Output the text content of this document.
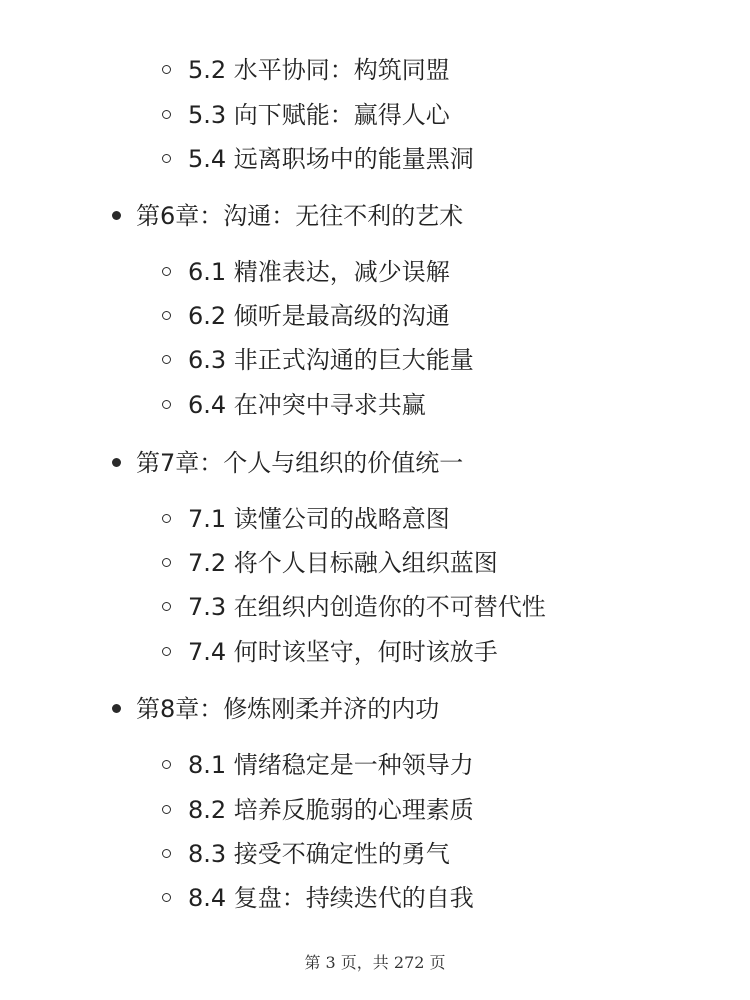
5.2 水平协同：构筑同盟
5.3 向下赋能：赢得人心
5.4 远离职场中的能量黑洞
第6章：沟通：无往不利的艺术
6.1 精准表达，减少误解
6.2 倾听是最高级的沟通
6.3 非正式沟通的巨大能量
6.4 在冲突中寻求共赢
第7章：个人与组织的价值统一
7.1 读懂公司的战略意图
7.2 将个人目标融入组织蓝图
7.3 在组织内创造你的不可替代性
7.4 何时该坚守，何时该放手
第8章：修炼刚柔并济的内功
8.1 情绪稳定是一种领导力
8.2 培养反脆弱的心理素质
8.3 接受不确定性的勇气
8.4 复盘：持续迭代的自我
第 3 页，共 272 页
